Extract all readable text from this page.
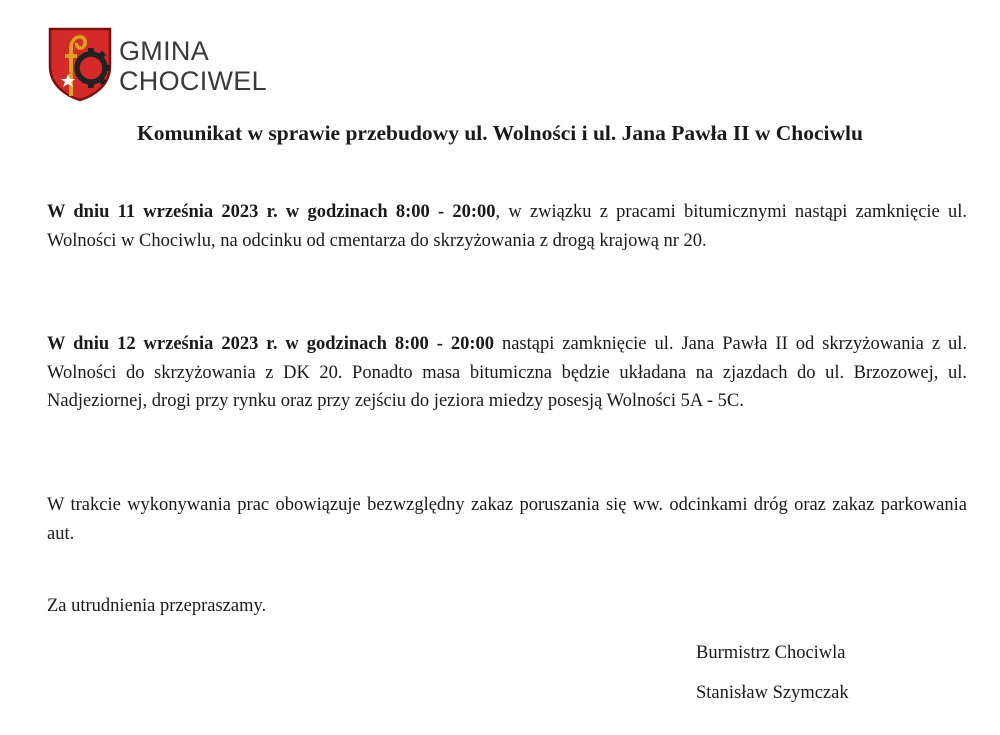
GMINA
CHOCIWEL
Komunikat w sprawie przebudowy ul. Wolności i ul. Jana Pawła II w Chociwlu

W dniu 11 września 2023 r. w godzinach 8:00 - 20:00, w związku z pracami bitumicznymi nastąpi zamknięcie ul. Wolności w Chociwlu, na odcinku od cmentarza do skrzyżowania z drogą krajową nr 20.

W dniu 12 września 2023 r. w godzinach 8:00 - 20:00 nastąpi zamknięcie ul. Jana Pawła II od skrzyżowania z ul. Wolności do skrzyżowania z DK 20. Ponadto masa bitumiczna będzie układana na zjazdach do ul. Brzozowej, ul. Nadjeziornej, drogi przy rynku oraz przy zejściu do jeziora miedzy posesją Wolności 5A - 5C.

W trakcie wykonywania prac obowiązuje bezwzględny zakaz poruszania się ww. odcinkami dróg oraz zakaz parkowania aut.

Za utrudnienia przepraszamy.

Burmistrz Chociwla
Stanisław Szymczak
